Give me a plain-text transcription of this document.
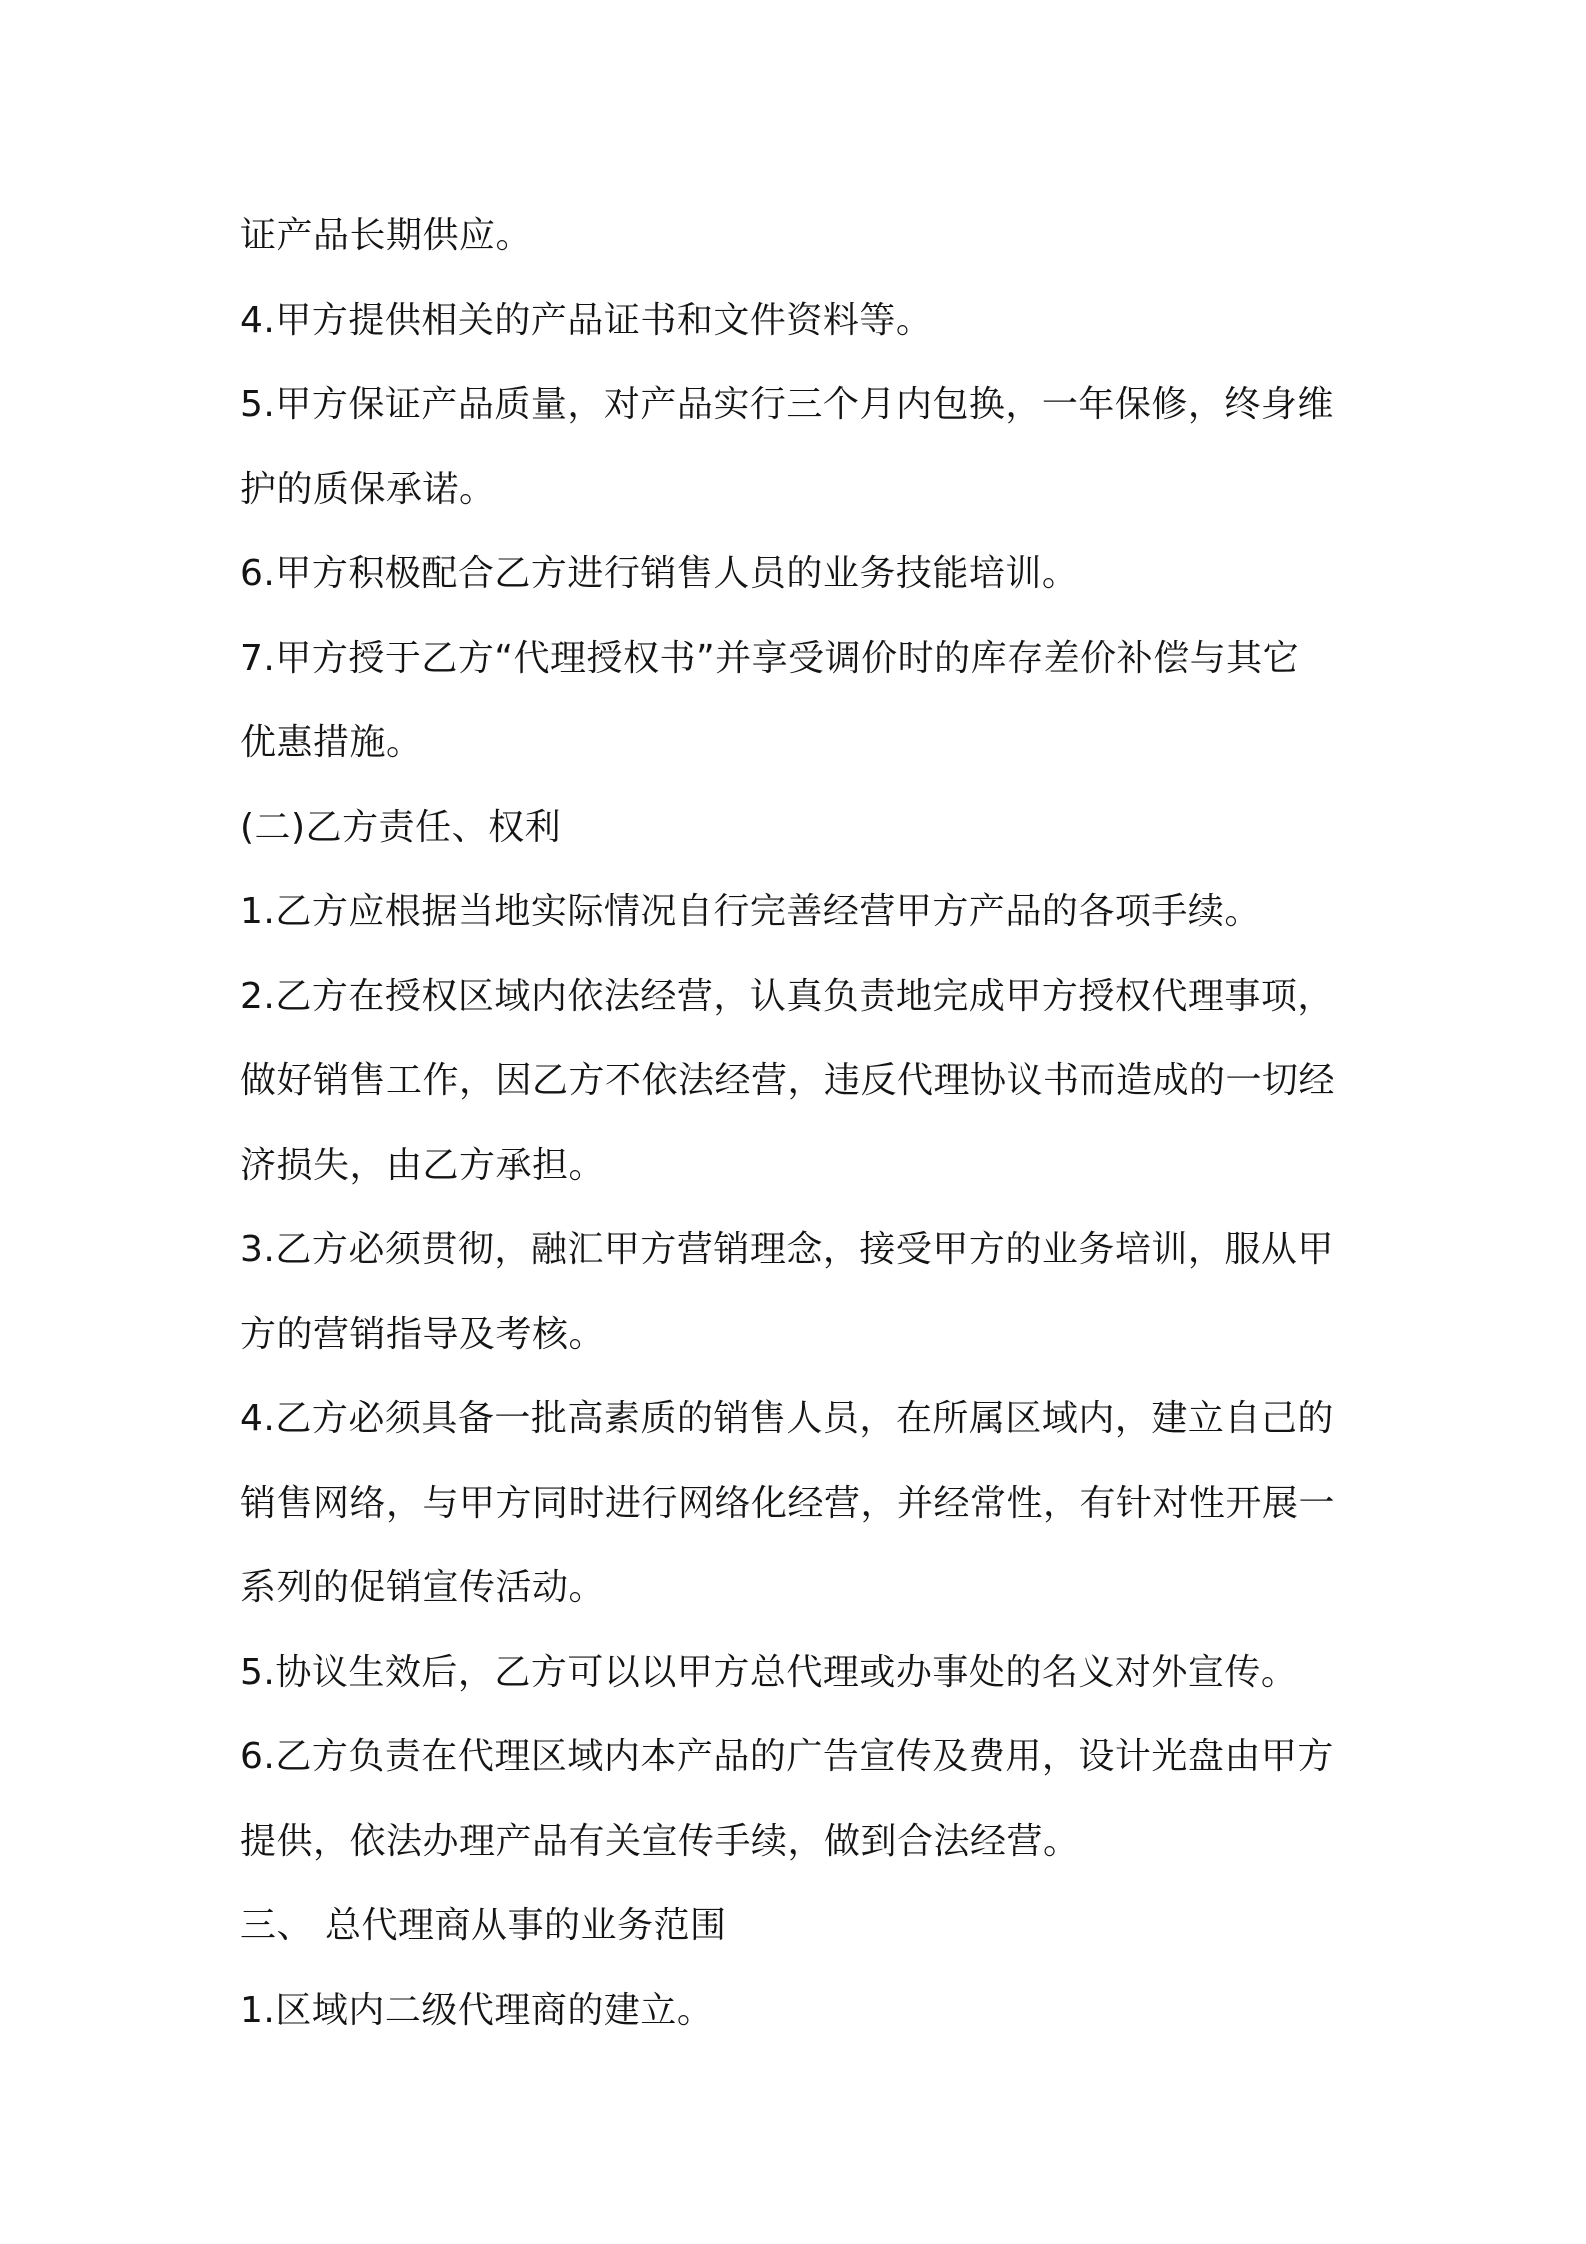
证产品长期供应。
4.甲方提供相关的产品证书和文件资料等。
5.甲方保证产品质量，对产品实行三个月内包换，一年保修，终身维
护的质保承诺。
6.甲方积极配合乙方进行销售人员的业务技能培训。
7.甲方授于乙方“代理授权书”并享受调价时的库存差价补偿与其它
优惠措施。
(二)乙方责任、权利
1.乙方应根据当地实际情况自行完善经营甲方产品的各项手续。
2.乙方在授权区域内依法经营，认真负责地完成甲方授权代理事项，
做好销售工作，因乙方不依法经营，违反代理协议书而造成的一切经
济损失，由乙方承担。
3.乙方必须贯彻，融汇甲方营销理念，接受甲方的业务培训，服从甲
方的营销指导及考核。
4.乙方必须具备一批高素质的销售人员，在所属区域内，建立自己的
销售网络，与甲方同时进行网络化经营，并经常性，有针对性开展一
系列的促销宣传活动。
5.协议生效后，乙方可以以甲方总代理或办事处的名义对外宣传。
6.乙方负责在代理区域内本产品的广告宣传及费用，设计光盘由甲方
提供，依法办理产品有关宣传手续，做到合法经营。
三、 总代理商从事的业务范围
1.区域内二级代理商的建立。
